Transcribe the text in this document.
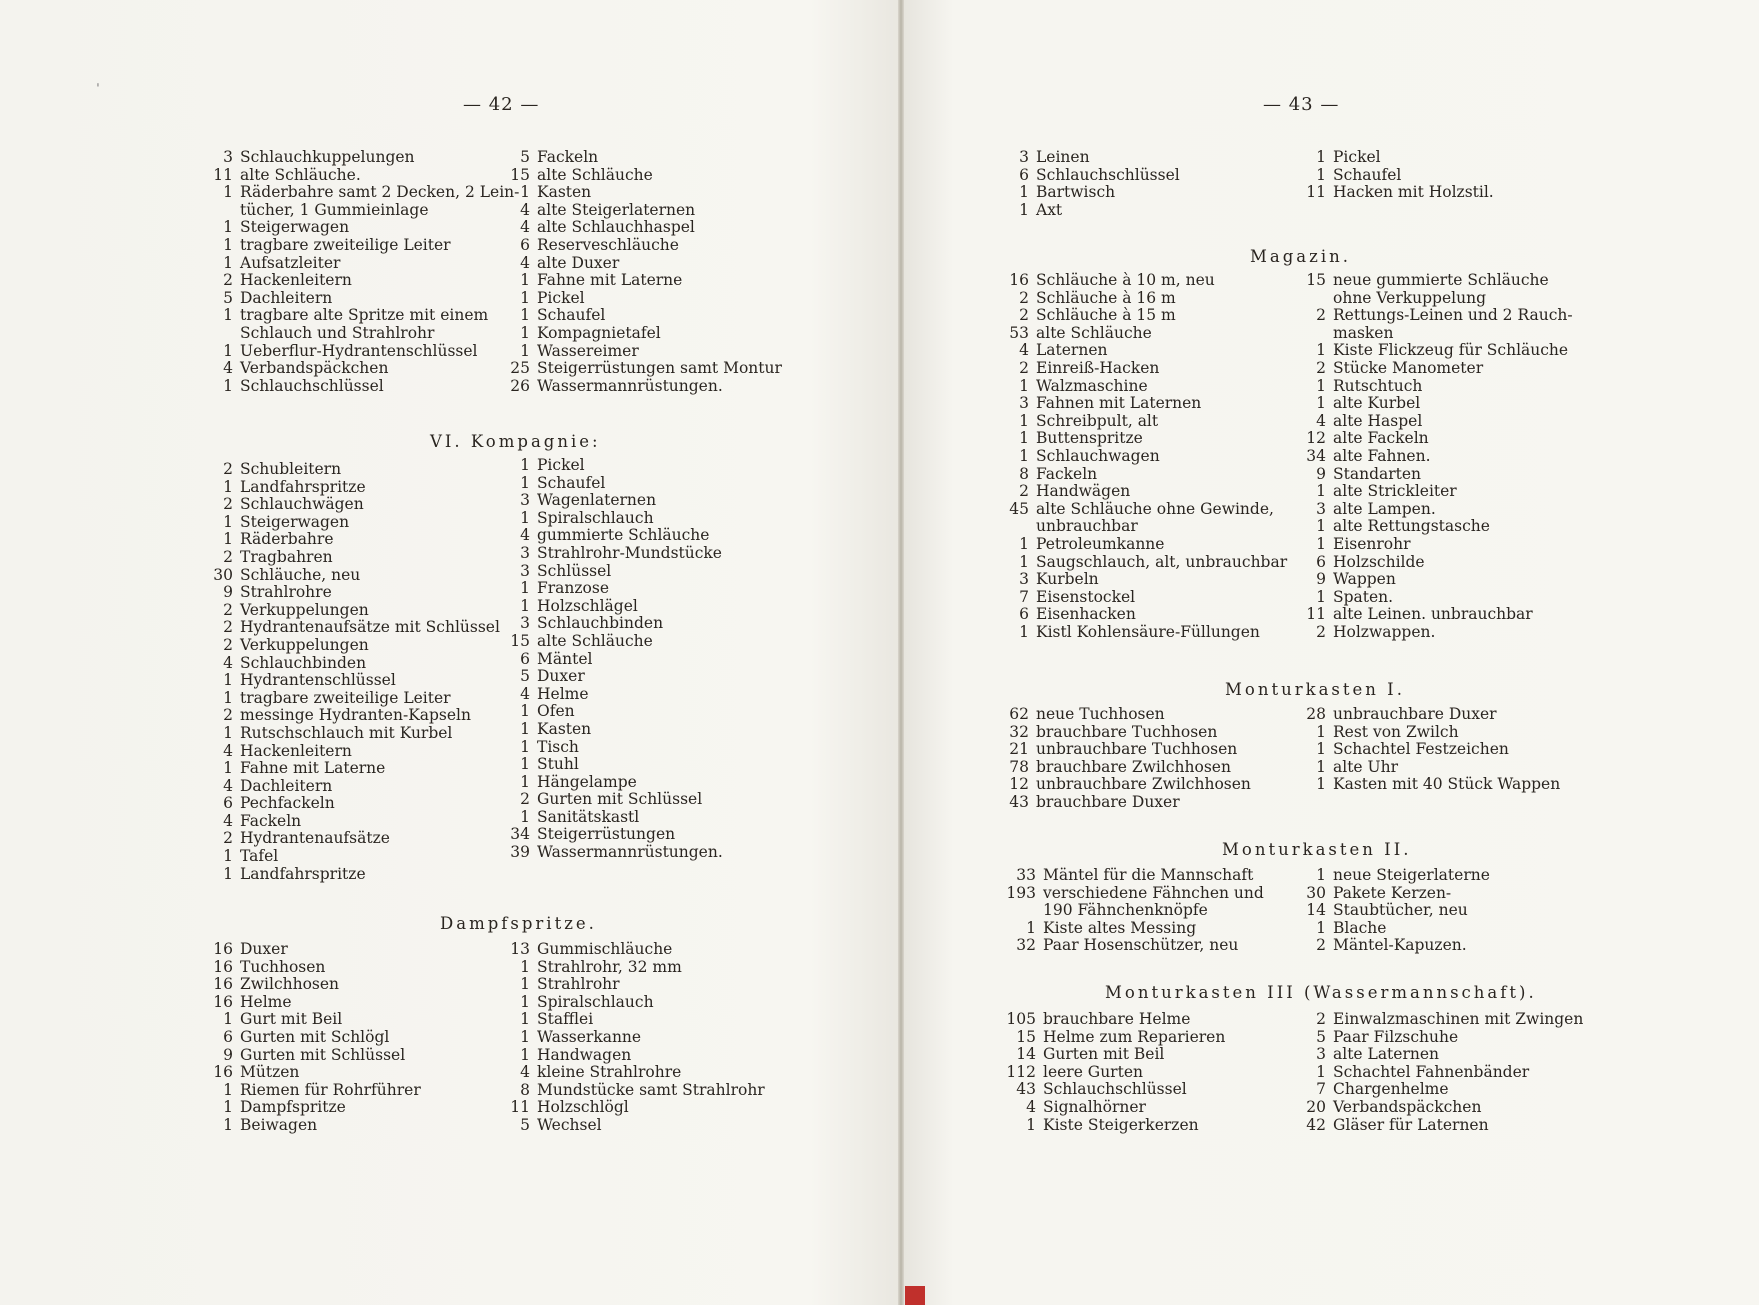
ˈ
— 42 —
3 Schlauchkuppelungen
11 alte Schläuche.
1 Räderbahre samt 2 Decken, 2 Lein-
tücher, 1 Gummieinlage
1 Steigerwagen
1 tragbare zweiteilige Leiter
1 Aufsatzleiter
2 Hackenleitern
5 Dachleitern
1 tragbare alte Spritze mit einem
Schlauch und Strahlrohr
1 Ueberflur-Hydrantenschlüssel
4 Verbandspäckchen
1 Schlauchschlüssel
5 Fackeln
15 alte Schläuche
1 Kasten
4 alte Steigerlaternen
4 alte Schlauchhaspel
6 Reserveschläuche
4 alte Duxer
1 Fahne mit Laterne
1 Pickel
1 Schaufel
1 Kompagnietafel
1 Wassereimer
25 Steigerrüstungen samt Montur
26 Wassermannrüstungen.
VI. Kompagnie:
2 Schubleitern
1 Landfahrspritze
2 Schlauchwägen
1 Steigerwagen
1 Räderbahre
2 Tragbahren
30 Schläuche, neu
9 Strahlrohre
2 Verkuppelungen
2 Hydrantenaufsätze mit Schlüssel
2 Verkuppelungen
4 Schlauchbinden
1 Hydrantenschlüssel
1 tragbare zweiteilige Leiter
2 messinge Hydranten-Kapseln
1 Rutschschlauch mit Kurbel
4 Hackenleitern
1 Fahne mit Laterne
4 Dachleitern
6 Pechfackeln
4 Fackeln
2 Hydrantenaufsätze
1 Tafel
1 Landfahrspritze
1 Pickel
1 Schaufel
3 Wagenlaternen
1 Spiralschlauch
4 gummierte Schläuche
3 Strahlrohr-Mundstücke
3 Schlüssel
1 Franzose
1 Holzschlägel
3 Schlauchbinden
15 alte Schläuche
6 Mäntel
5 Duxer
4 Helme
1 Ofen
1 Kasten
1 Tisch
1 Stuhl
1 Hängelampe
2 Gurten mit Schlüssel
1 Sanitätskastl
34 Steigerrüstungen
39 Wassermannrüstungen.
Dampfspritze.
16 Duxer
16 Tuchhosen
16 Zwilchhosen
16 Helme
1 Gurt mit Beil
6 Gurten mit Schlögl
9 Gurten mit Schlüssel
16 Mützen
1 Riemen für Rohrführer
1 Dampfspritze
1 Beiwagen
13 Gummischläuche
1 Strahlrohr, 32 mm
1 Strahlrohr
1 Spiralschlauch
1 Stafflei
1 Wasserkanne
1 Handwagen
4 kleine Strahlrohre
8 Mundstücke samt Strahlrohr
11 Holzschlögl
5 Wechsel
— 43 —
3 Leinen
6 Schlauchschlüssel
1 Bartwisch
1 Axt
1 Pickel
1 Schaufel
11 Hacken mit Holzstil.
Magazin.
16 Schläuche à 10 m, neu
2 Schläuche à 16 m
2 Schläuche à 15 m
53 alte Schläuche
4 Laternen
2 Einreiß-Hacken
1 Walzmaschine
3 Fahnen mit Laternen
1 Schreibpult, alt
1 Buttenspritze
1 Schlauchwagen
8 Fackeln
2 Handwägen
45 alte Schläuche ohne Gewinde,
unbrauchbar
1 Petroleumkanne
1 Saugschlauch, alt, unbrauchbar
3 Kurbeln
7 Eisenstockel
6 Eisenhacken
1 Kistl Kohlensäure-Füllungen
15 neue gummierte Schläuche
ohne Verkuppelung
2 Rettungs-Leinen und 2 Rauch-
masken
1 Kiste Flickzeug für Schläuche
2 Stücke Manometer
1 Rutschtuch
1 alte Kurbel
4 alte Haspel
12 alte Fackeln
34 alte Fahnen.
9 Standarten
1 alte Strickleiter
3 alte Lampen.
1 alte Rettungstasche
1 Eisenrohr
6 Holzschilde
9 Wappen
1 Spaten.
11 alte Leinen. unbrauchbar
2 Holzwappen.
Monturkasten I.
62 neue Tuchhosen
32 brauchbare Tuchhosen
21 unbrauchbare Tuchhosen
78 brauchbare Zwilchhosen
12 unbrauchbare Zwilchhosen
43 brauchbare Duxer
28 unbrauchbare Duxer
1 Rest von Zwilch
1 Schachtel Festzeichen
1 alte Uhr
1 Kasten mit 40 Stück Wappen
Monturkasten II.
33 Mäntel für die Mannschaft
193 verschiedene Fähnchen und
190 Fähnchenknöpfe
1 Kiste altes Messing
32 Paar Hosenschützer, neu
1 neue Steigerlaterne
30 Pakete Kerzen-
14 Staubtücher, neu
1 Blache
2 Mäntel-Kapuzen.
Monturkasten III (Wassermannschaft).
105 brauchbare Helme
15 Helme zum Reparieren
14 Gurten mit Beil
112 leere Gurten
43 Schlauchschlüssel
4 Signalhörner
1 Kiste Steigerkerzen
2 Einwalzmaschinen mit Zwingen
5 Paar Filzschuhe
3 alte Laternen
1 Schachtel Fahnenbänder
7 Chargenhelme
20 Verbandspäckchen
42 Gläser für Laternen
